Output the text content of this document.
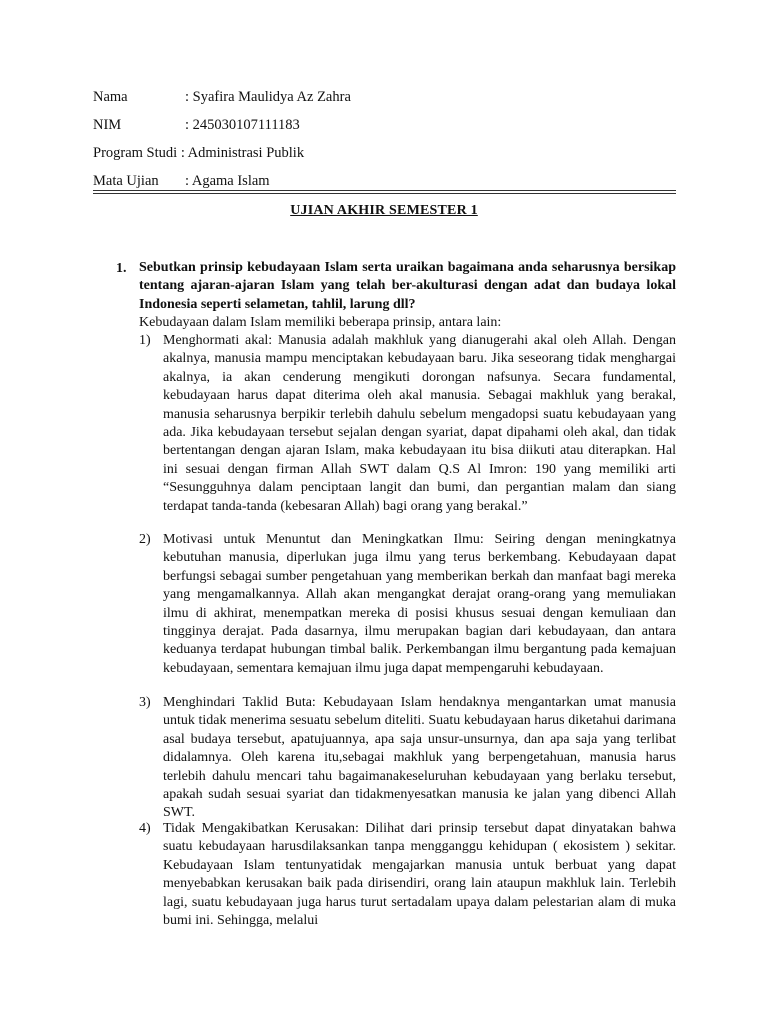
Nama	: Syafira Maulidya Az Zahra
NIM	: 245030107111183
Program Studi : Administrasi Publik
Mata Ujian : Agama Islam
UJIAN AKHIR SEMESTER 1
1. Sebutkan prinsip kebudayaan Islam serta uraikan bagaimana anda seharusnya bersikap tentang ajaran-ajaran Islam yang telah ber-akulturasi dengan adat dan budaya lokal Indonesia seperti selametan, tahlil, larung dll?
Kebudayaan dalam Islam memiliki beberapa prinsip, antara lain:
1) Menghormati akal: Manusia adalah makhluk yang dianugerahi akal oleh Allah. Dengan akalnya, manusia mampu menciptakan kebudayaan baru. Jika seseorang tidak menghargai akalnya, ia akan cenderung mengikuti dorongan nafsunya. Secara fundamental, kebudayaan harus dapat diterima oleh akal manusia. Sebagai makhluk yang berakal, manusia seharusnya berpikir terlebih dahulu sebelum mengadopsi suatu kebudayaan yang ada. Jika kebudayaan tersebut sejalan dengan syariat, dapat dipahami oleh akal, dan tidak bertentangan dengan ajaran Islam, maka kebudayaan itu bisa diikuti atau diterapkan. Hal ini sesuai dengan firman Allah SWT dalam Q.S Al Imron: 190 yang memiliki arti “Sesungguhnya dalam penciptaan langit dan bumi, dan pergantian malam dan siang terdapat tanda-tanda (kebesaran Allah) bagi orang yang berakal.”
2) Motivasi untuk Menuntut dan Meningkatkan Ilmu: Seiring dengan meningkatnya kebutuhan manusia, diperlukan juga ilmu yang terus berkembang. Kebudayaan dapat berfungsi sebagai sumber pengetahuan yang memberikan berkah dan manfaat bagi mereka yang mengamalkannya. Allah akan mengangkat derajat orang-orang yang memuliakan ilmu di akhirat, menempatkan mereka di posisi khusus sesuai dengan kemuliaan dan tingginya derajat. Pada dasarnya, ilmu merupakan bagian dari kebudayaan, dan antara keduanya terdapat hubungan timbal balik. Perkembangan ilmu bergantung pada kemajuan kebudayaan, sementara kemajuan ilmu juga dapat mempengaruhi kebudayaan.
3) Menghindari Taklid Buta: Kebudayaan Islam hendaknya mengantarkan umat manusia untuk tidak menerima sesuatu sebelum diteliti. Suatu kebudayaan harus diketahui darimana asal budaya tersebut, apatujuannya, apa saja unsur-unsurnya, dan apa saja yang terlibat didalamnya. Oleh karena itu,sebagai makhluk yang berpengetahuan, manusia harus terlebih dahulu mencari tahu bagaimanakeseluruhan kebudayaan yang berlaku tersebut, apakah sudah sesuai syariat dan tidakmenyesatkan manusia ke jalan yang dibenci Allah SWT.
4) Tidak Mengakibatkan Kerusakan: Dilihat dari prinsip tersebut dapat dinyatakan bahwa suatu kebudayaan harusdilaksankan tanpa mengganggu kehidupan ( ekosistem ) sekitar. Kebudayaan Islam tentunyatidak mengajarkan manusia untuk berbuat yang dapat menyebabkan kerusakan baik pada dirisendiri, orang lain ataupun makhluk lain. Terlebih lagi, suatu kebudayaan juga harus turut sertadalam upaya dalam pelestarian alam di muka bumi ini. Sehingga, melalui
